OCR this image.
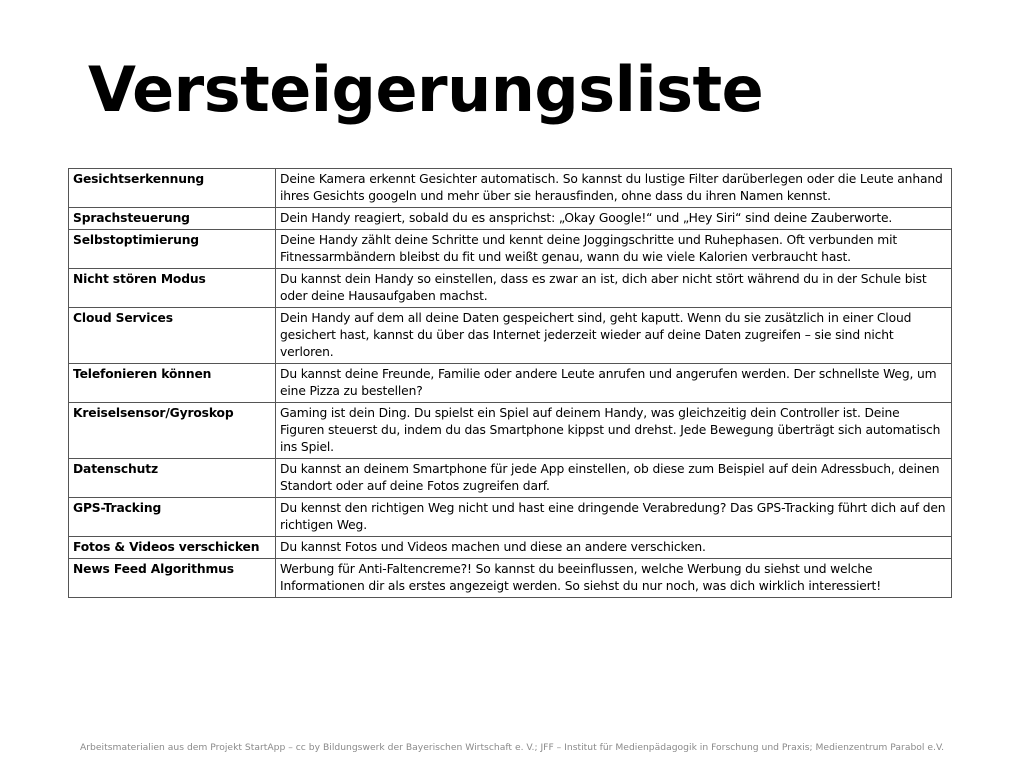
Versteigerungsliste
Gesichtserkennung	Deine Kamera erkennt Gesichter automatisch. So kannst du lustige Filter darüberlegen oder die Leute anhand ihres Gesichts googeln und mehr über sie herausfinden, ohne dass du ihren Namen kennst.
Sprachsteuerung	Dein Handy reagiert, sobald du es ansprichst: „Okay Google!“ und „Hey Siri“ sind deine Zauberworte.
Selbstoptimierung	Deine Handy zählt deine Schritte und kennt deine Joggingschritte und Ruhephasen. Oft verbunden mit Fitnessarmbändern bleibst du fit und weißt genau, wann du wie viele Kalorien verbraucht hast.
Nicht stören Modus	Du kannst dein Handy so einstellen, dass es zwar an ist, dich aber nicht stört während du in der Schule bist oder deine Hausaufgaben machst.
Cloud Services	Dein Handy auf dem all deine Daten gespeichert sind, geht kaputt. Wenn du sie zusätzlich in einer Cloud gesichert hast, kannst du über das Internet jederzeit wieder auf deine Daten zugreifen – sie sind nicht verloren.
Telefonieren können	Du kannst deine Freunde, Familie oder andere Leute anrufen und angerufen werden. Der schnellste Weg, um eine Pizza zu bestellen?
Kreiselsensor/Gyroskop	Gaming ist dein Ding. Du spielst ein Spiel auf deinem Handy, was gleichzeitig dein Controller ist. Deine Figuren steuerst du, indem du das Smartphone kippst und drehst. Jede Bewegung überträgt sich automatisch ins Spiel.
Datenschutz	Du kannst an deinem Smartphone für jede App einstellen, ob diese zum Beispiel auf dein Adressbuch, deinen Standort oder auf deine Fotos zugreifen darf.
GPS-Tracking	Du kennst den richtigen Weg nicht und hast eine dringende Verabredung? Das GPS-Tracking führt dich auf den richtigen Weg.
Fotos & Videos verschicken	Du kannst Fotos und Videos machen und diese an andere verschicken.
News Feed Algorithmus	Werbung für Anti-Faltencreme?! So kannst du beeinflussen, welche Werbung du siehst und welche Informationen dir als erstes angezeigt werden. So siehst du nur noch, was dich wirklich interessiert!
Arbeitsmaterialien aus dem Projekt StartApp – cc by Bildungswerk der Bayerischen Wirtschaft e. V.; JFF – Institut für Medienpädagogik in Forschung und Praxis; Medienzentrum Parabol e.V.
